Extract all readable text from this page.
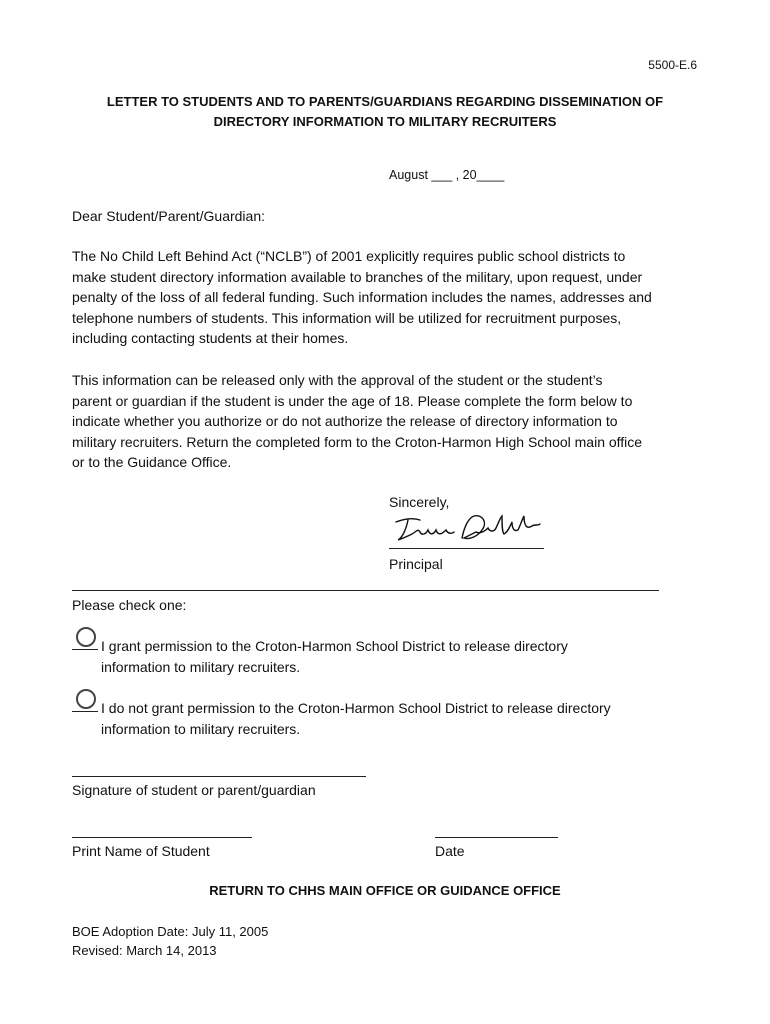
5500-E.6
LETTER TO STUDENTS AND TO PARENTS/GUARDIANS REGARDING DISSEMINATION OF
DIRECTORY INFORMATION TO MILITARY RECRUITERS
August ___ , 20____
Dear Student/Parent/Guardian:
The No Child Left Behind Act (“NCLB”) of 2001 explicitly requires public school districts to
make student directory information available to branches of the military, upon request, under
penalty of the loss of all federal funding. Such information includes the names, addresses and
telephone numbers of students. This information will be utilized for recruitment purposes,
including contacting students at their homes.
This information can be released only with the approval of the student or the student’s
parent or guardian if the student is under the age of 18. Please complete the form below to
indicate whether you authorize or do not authorize the release of directory information to
military recruiters. Return the completed form to the Croton-Harmon High School main office
or to the Guidance Office.
Sincerely,
Principal
Please check one:
I grant permission to the Croton-Harmon School District to release directory
information to military recruiters.
I do not grant permission to the Croton-Harmon School District to release directory
information to military recruiters.
Signature of student or parent/guardian
Print Name of Student	Date
RETURN TO CHHS MAIN OFFICE OR GUIDANCE OFFICE
BOE Adoption Date: July 11, 2005
Revised: March 14, 2013
